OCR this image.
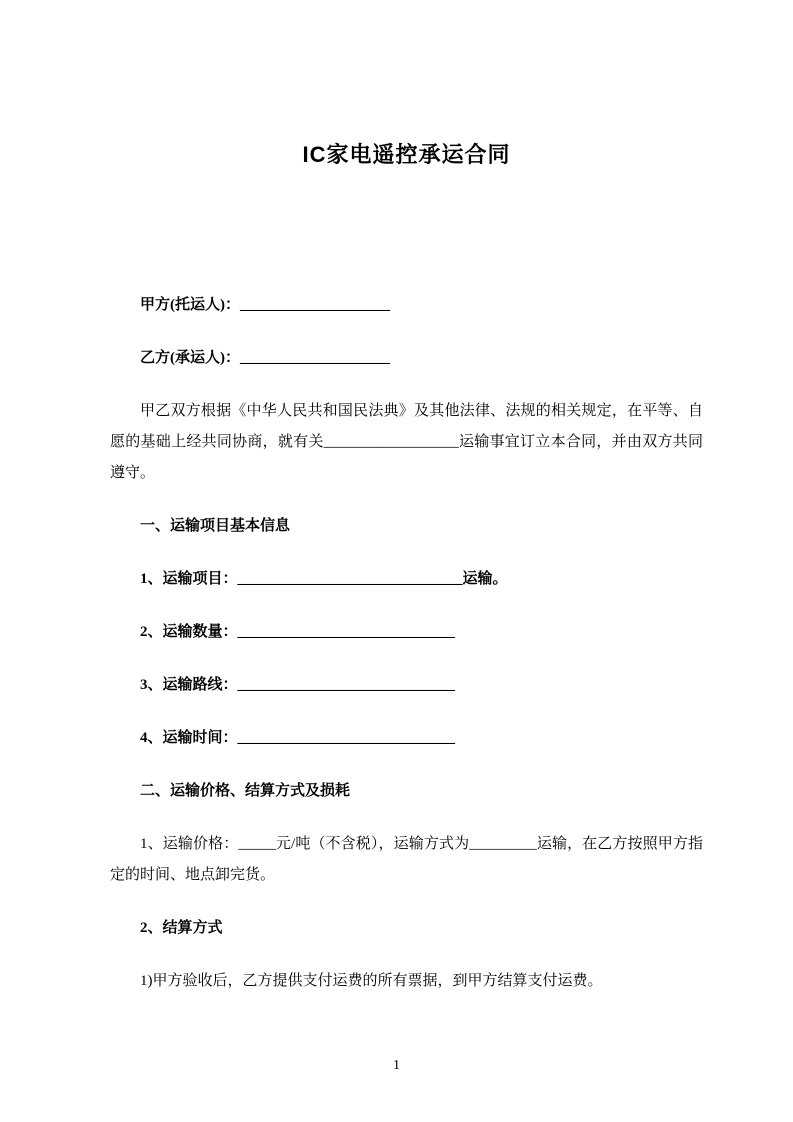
IC家电遥控承运合同

甲方(托运人)：____________________

乙方(承运人)：____________________

甲乙双方根据《中华人民共和国民法典》及其他法律、法规的相关规定，在平等、自愿的基础上经共同协商，就有关__________________运输事宜订立本合同，并由双方共同遵守。

一、运输项目基本信息

1、运输项目：______________________________运输。

2、运输数量：_____________________________

3、运输路线：_____________________________

4、运输时间：_____________________________

二、运输价格、结算方式及损耗

1、运输价格：_____元/吨（不含税），运输方式为_________运输，在乙方按照甲方指定的时间、地点卸完货。

2、结算方式

1)甲方验收后，乙方提供支付运费的所有票据，到甲方结算支付运费。

1
